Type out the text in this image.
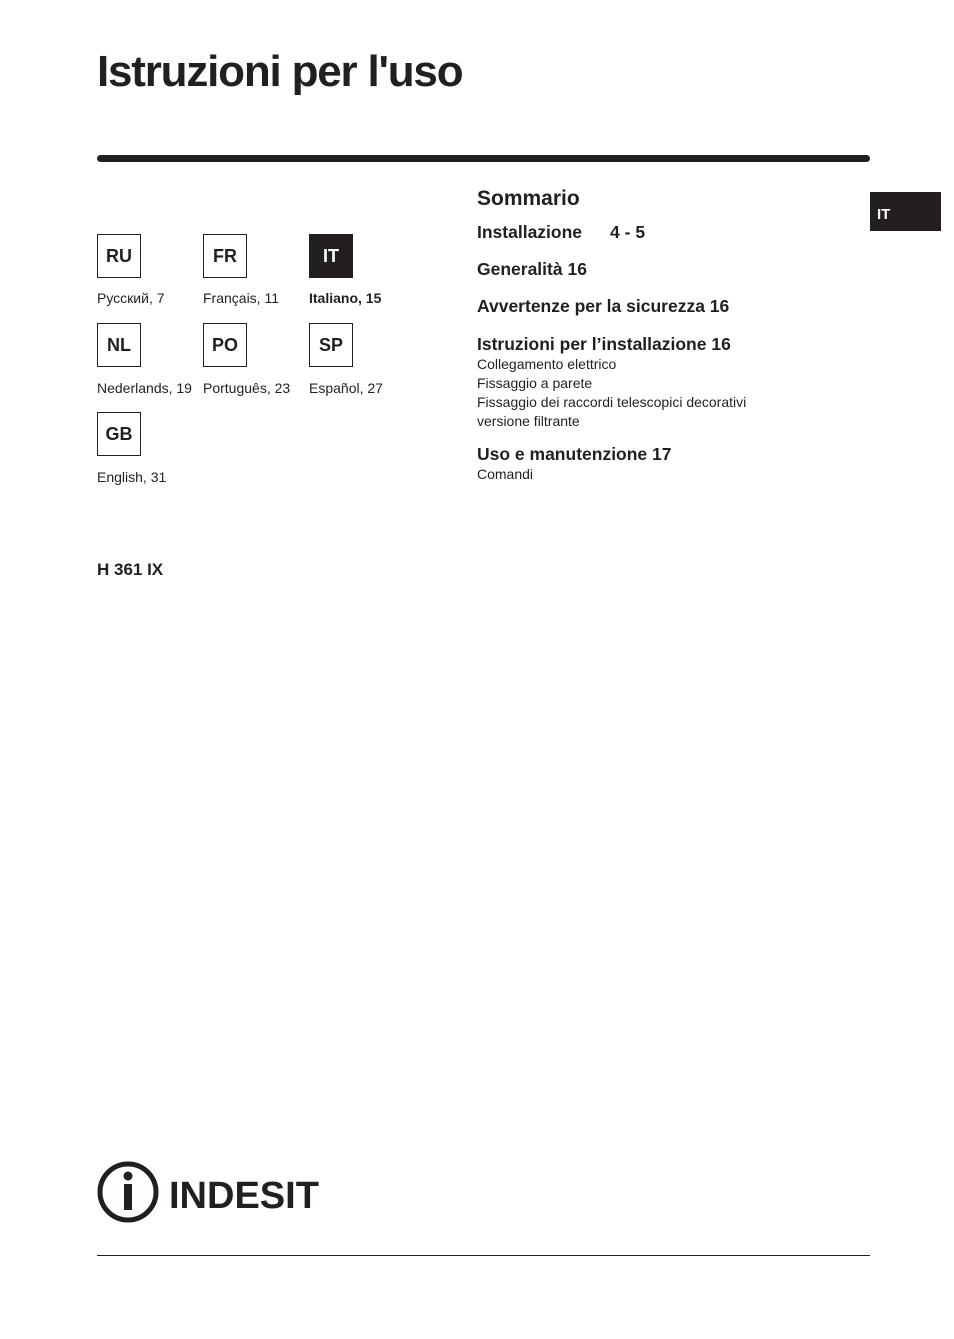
Istruzioni per l'uso
IT
RU
Русский, 7
FR
Français, 11
IT
Italiano, 15
NL
Nederlands, 19
PO
Português, 23
SP
Español, 27
GB
English, 31
H 361 IX
Sommario
Installazione 4 - 5
Generalità 16
Avvertenze per la sicurezza 16
Istruzioni per l’installazione 16
Collegamento elettrico
Fissaggio a parete
Fissaggio dei raccordi telescopici decorativi
versione filtrante
Uso e manutenzione 17
Comandi
INDESIT
